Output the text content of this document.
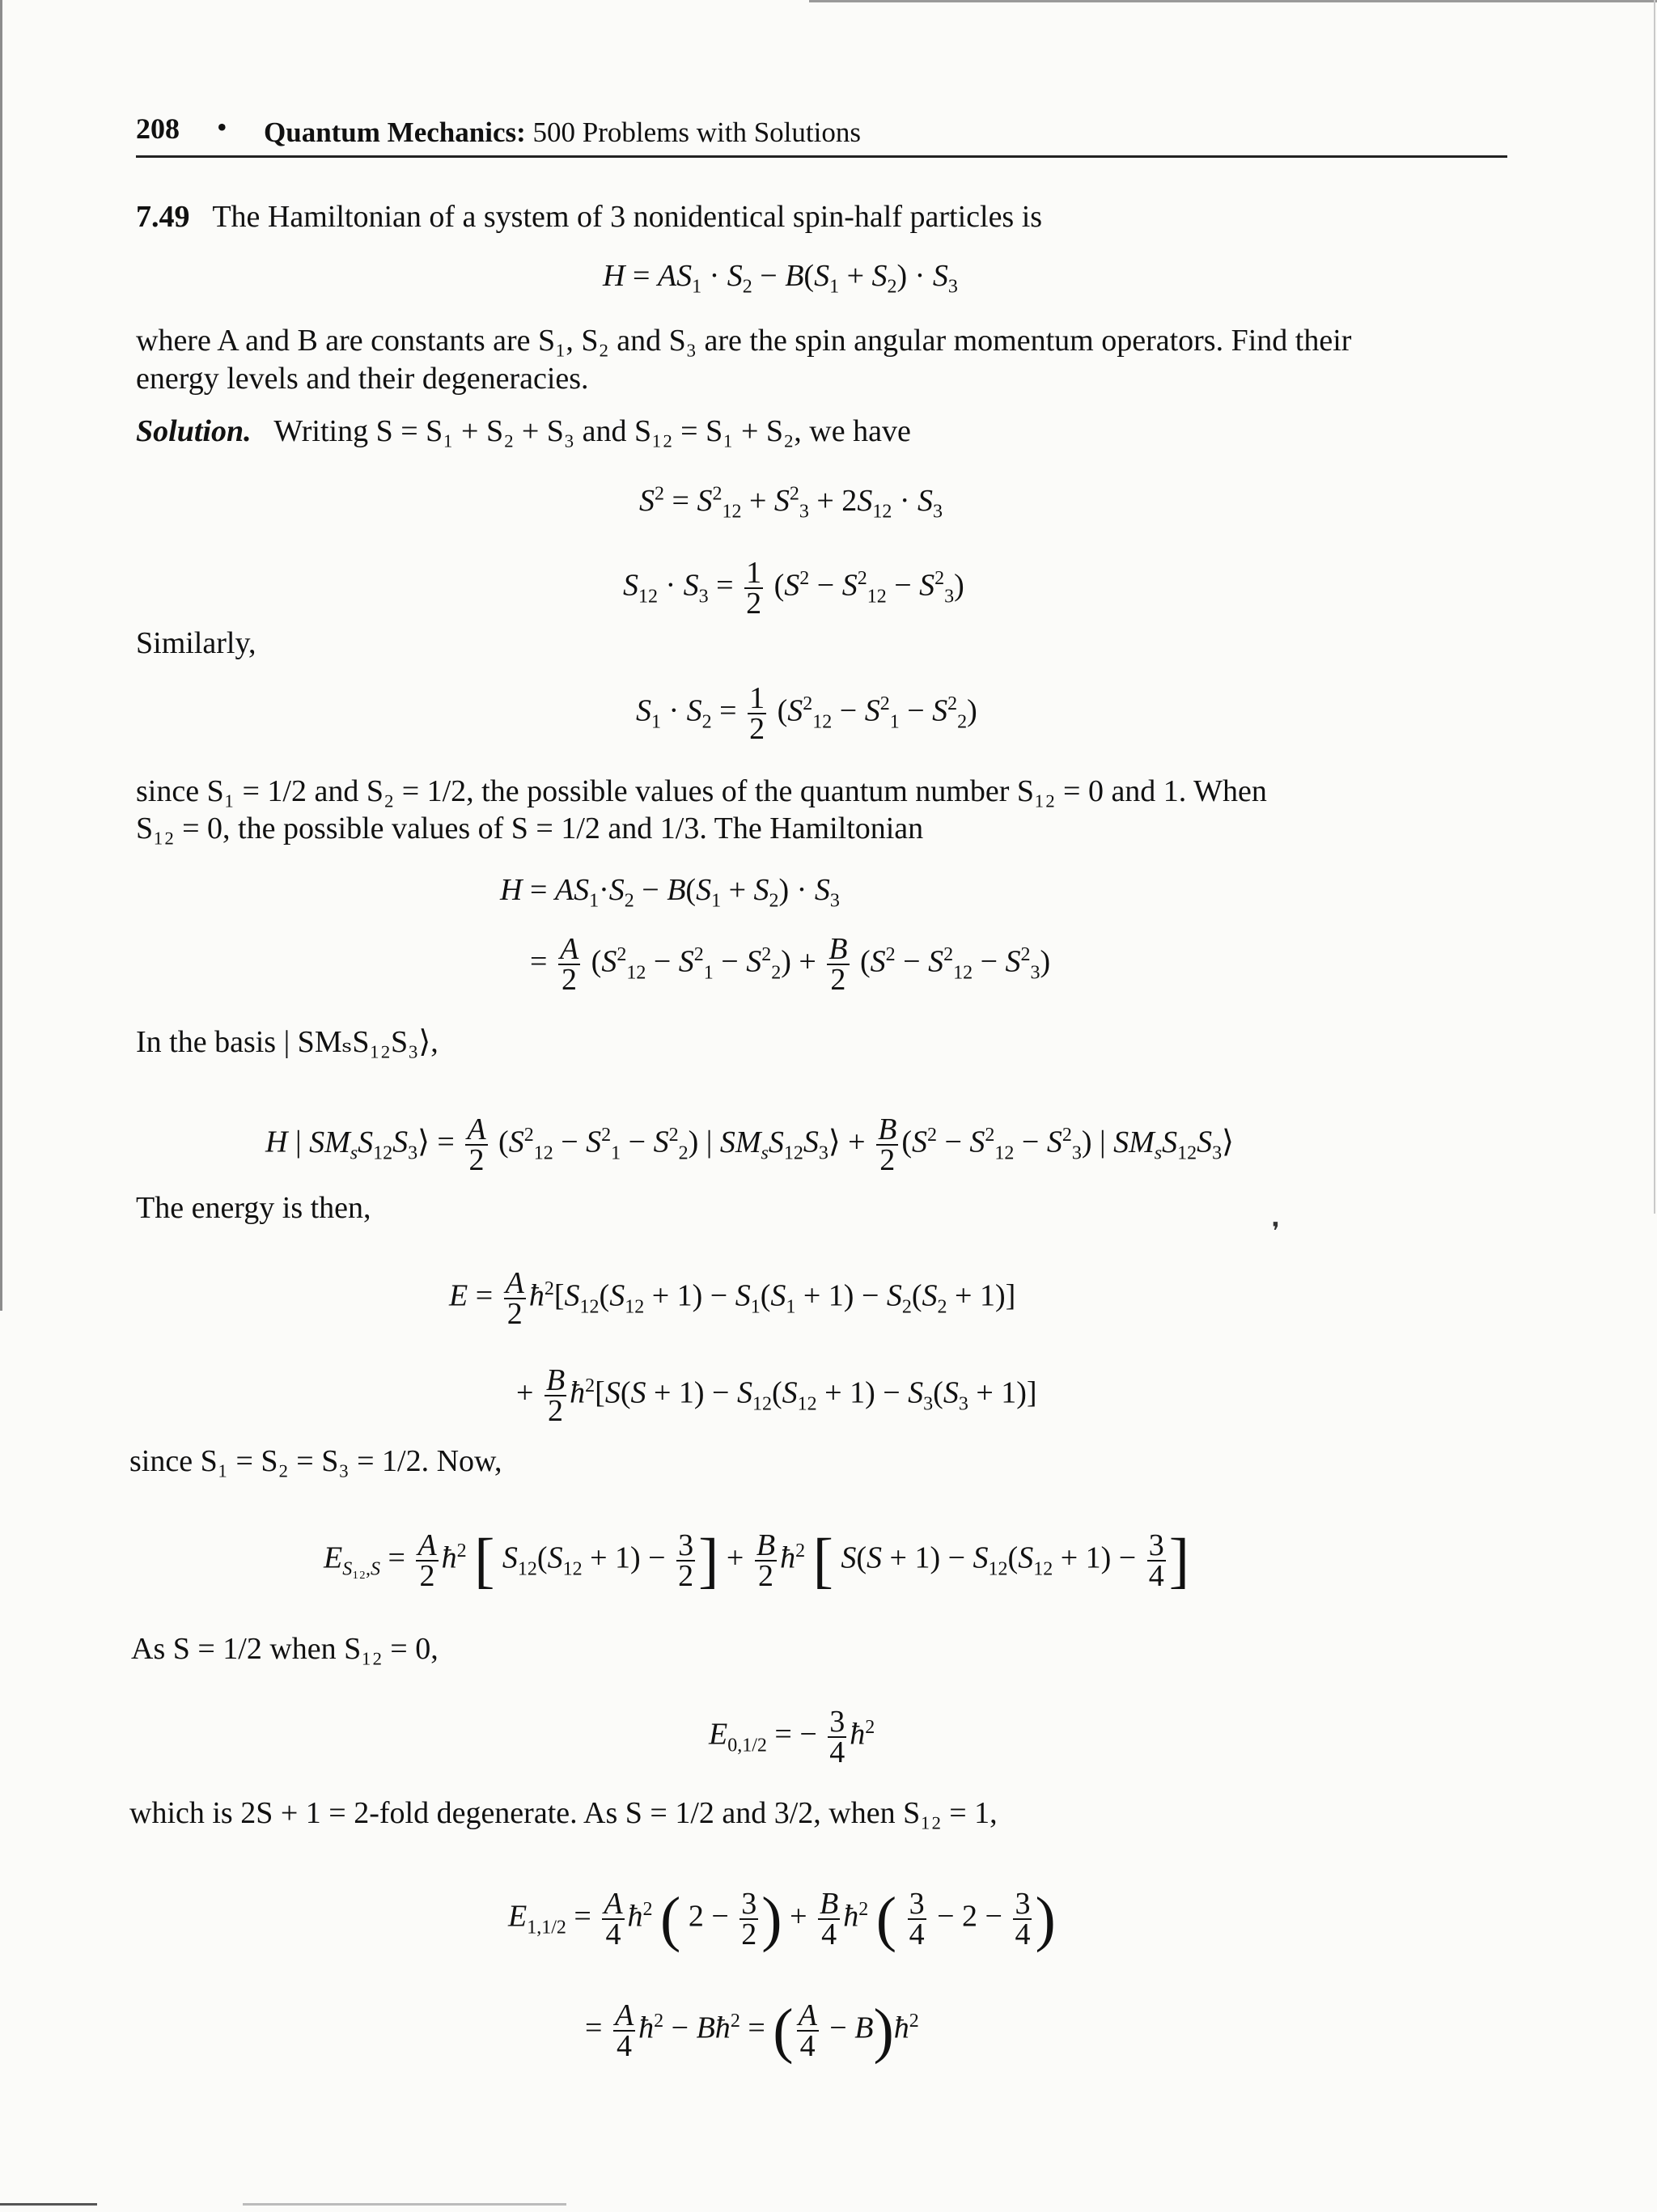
208 • Quantum Mechanics: 500 Problems with Solutions
7.49 The Hamiltonian of a system of 3 nonidentical spin-half particles is
$H = AS_1 \cdot S_2 - B(S_1 + S_2) \cdot S_3$
where A and B are constants are S₁, S₂ and S₃ are the spin angular momentum operators. Find their
energy levels and their degeneracies.
Solution. Writing S = S₁ + S₂ + S₃ and S₁₂ = S₁ + S₂, we have
$S^2 = S^2_{12} + S^2_3 + 2S_{12} \cdot S_3$
$S_{12} \cdot S_3 = \frac{1}{2} (S^2 - S^2_{12} - S^2_3)$
Similarly,
$S_1 \cdot S_2 = \frac{1}{2} (S^2_{12} - S^2_1 - S^2_2)$
since S₁ = 1/2 and S₂ = 1/2, the possible values of the quantum number S₁₂ = 0 and 1. When
S₁₂ = 0, the possible values of S = 1/2 and 1/3. The Hamiltonian
$H = AS_1\cdot S_2 - B(S_1 + S_2) \cdot S_3$
= $\frac{A}{2} (S^2_{12} - S^2_1 - S^2_2) + \frac{B}{2} (S^2 - S^2_{12} - S^2_3)$
In the basis | SMₛS₁₂S₃⟩,
H | $SM_sS_{12}S_3⟩ = \frac{A}{2} (S^2_{12} - S^2_1 - S^2_2)$ | $SM_sS_{12}S_3⟩ + \frac{B}{2} (S^2 - S^2_{12} - S^2_3)$ | $SM_sS_{12}S_3⟩$
The energy is then,
❜
$E = \frac{A}{2}$ $ħ^2[S_{12}(S_{12} + 1) - S_1(S_1 + 1) - S_2(S_2 + 1)]$
+ $\frac{B}{2}$ $ħ^2[S(S + 1) - S_{12}(S_{12} + 1) - S_3(S_3 + 1)]$
since S₁ = S₂ = S₃ = 1/2. Now,
$E_{S_{12},S} = \frac{A}{2}$ $ħ^2$ [ $S_{12}(S_{12} + 1) - \frac{3}{2}$ ] + $\frac{B}{2}$ $ħ^2$ [ $S(S + 1) - S_{12}(S_{12} + 1) - \frac{3}{4}$ ]
As S = 1/2 when S₁₂ = 0,
$E_{0,1/2}$ = − $\frac{3}{4}$ $ħ^2$
which is 2S + 1 = 2-fold degenerate. As S = 1/2 and 3/2, when S₁₂ = 1,
$E_{1,1/2} = \frac{A}{4}$ $ħ^2$ ( $2 - \frac{3}{2}$ ) + $\frac{B}{4}$ $ħ^2$ ( $\frac{3}{4} - 2 - \frac{3}{4}$ )
= $\frac{A}{4}$ $ħ^2$ − $Bħ^2$ = ( $\frac{A}{4}$ − $B)ħ^2$
